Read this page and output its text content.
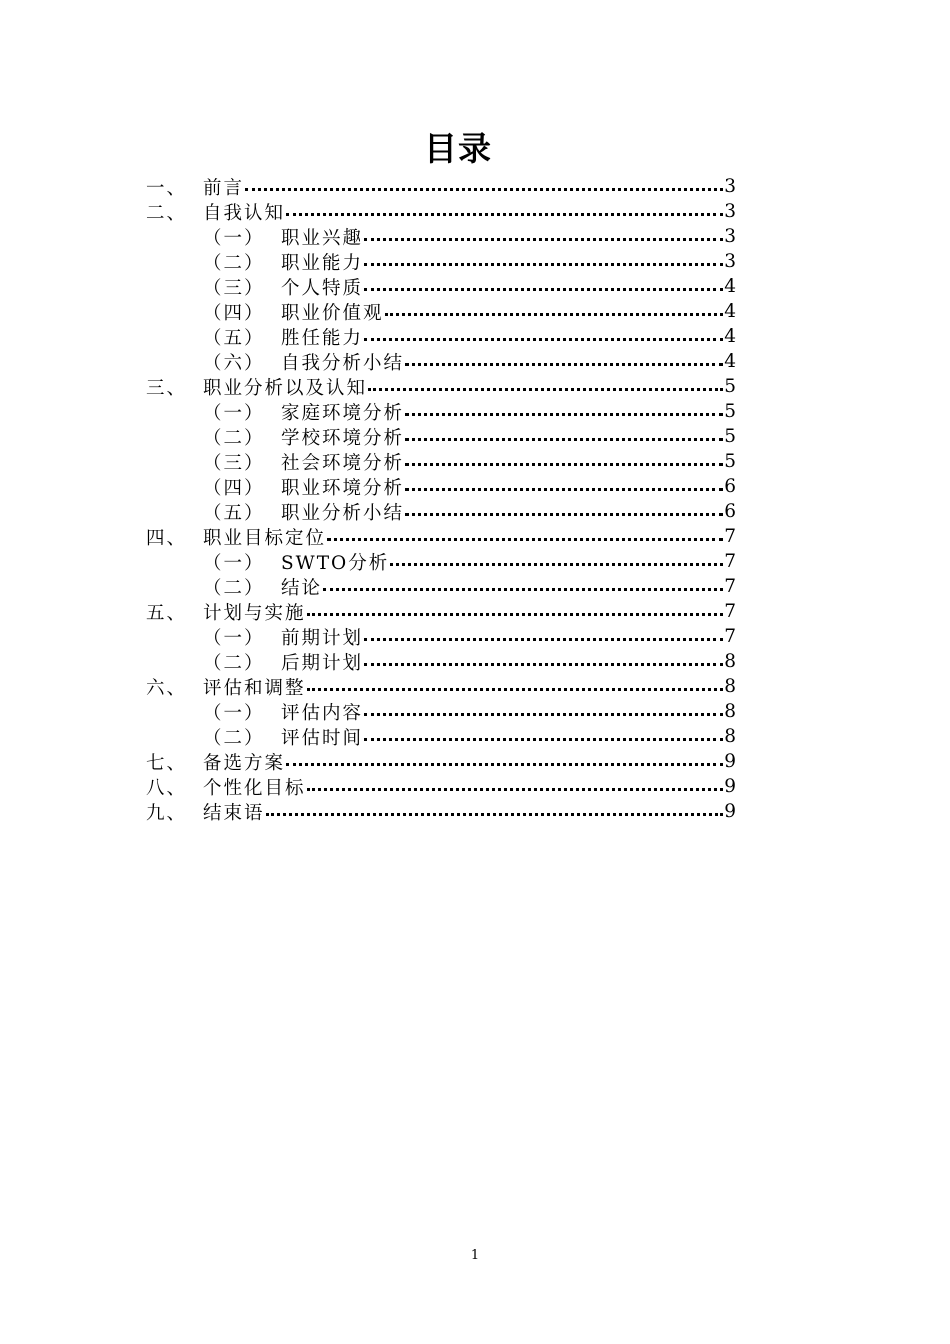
目录
一、 前言	3
二、 自我认知	3
（一） 职业兴趣	3
（二） 职业能力	3
（三） 个人特质	4
（四） 职业价值观	4
（五） 胜任能力	4
（六） 自我分析小结	4
三、 职业分析以及认知	5
（一） 家庭环境分析	5
（二） 学校环境分析	5
（三） 社会环境分析	5
（四） 职业环境分析	6
（五） 职业分析小结	6
四、 职业目标定位	7
（一） SWTO分析	7
（二） 结论	7
五、 计划与实施	7
（一） 前期计划	7
（二） 后期计划	8
六、 评估和调整	8
（一） 评估内容	8
（二） 评估时间	8
七、 备选方案	9
八、 个性化目标	9
九、 结束语	9
1
